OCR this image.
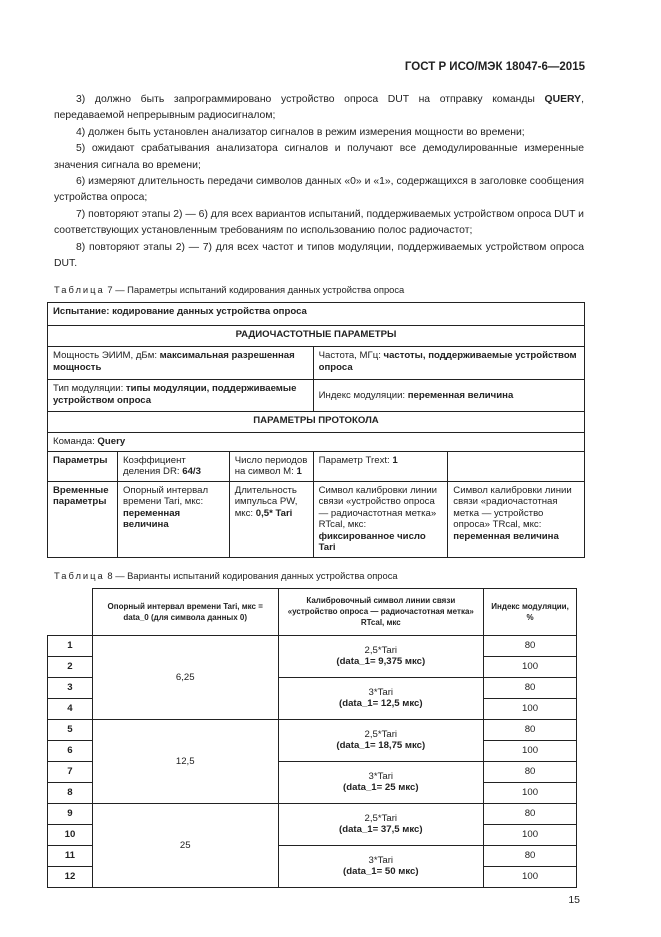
ГОСТ Р ИСО/МЭК 18047-6—2015

3) должно быть запрограммировано устройство опроса DUT на отправку команды QUERY, передаваемой непрерывным радиосигналом;

4) должен быть установлен анализатор сигналов в режим измерения мощности во времени;

5) ожидают срабатывания анализатора сигналов и получают все демодулированные измеренные значения сигнала во времени;

6) измеряют длительность передачи символов данных «0» и «1», содержащихся в заголовке сообщения устройства опроса;

7) повторяют этапы 2) — 6) для всех вариантов испытаний, поддерживаемых устройством опроса DUT и соответствующих установленным требованиям по использованию полос радиочастот;

8) повторяют этапы 2) — 7) для всех частот и типов модуляции, поддерживаемых устройством опроса DUT.

Таблица 7 — Параметры испытаний кодирования данных устройства опроса
Испытание: кодирование данных устройства опроса				
РАДИОЧАСТОТНЫЕ ПАРАМЕТРЫ				
Мощность ЭИИМ, дБм: максимальная разрешенная мощность			Частота, МГц: частоты, поддерживаемые устройством опроса	
Тип модуляции: типы модуляции, поддерживаемые устройством опроса			Индекс модуляции: переменная величина	
ПАРАМЕТРЫ ПРОТОКОЛА				
Команда: Query				
Параметры	Коэффициент деления DR: 64/3	Число периодов на символ M: 1	Параметр Trext: 1	
Временные параметры	Опорный интервал времени Tari, мкс: переменная величина	Длительность импульса PW, мкс: 0,5* Tari	Символ калибровки линии связи «устройство опроса — радиочастотная метка» RTcal, мкс: фиксированное число Tari	Символ калибровки линии связи «радиочастотная метка — устройство опроса» TRcal, мкс: переменная величина
Таблица 8 — Варианты испытаний кодирования данных устройства опроса
	Опорный интервал времени Tari, мкс = data_0 (для символа данных 0)	Калибровочный символ линии связи «устройство опроса — радиочастотная метка» RTcal, мкс	Индекс модуляции, %
1	6,25	2,5*Tari
(data_1= 9,375 мкс)	80
2			100
3		3*Tari
(data_1= 12,5 мкс)	80
4			100
5	12,5	2,5*Tari
(data_1= 18,75 мкс)	80
6			100
7		3*Tari
(data_1= 25 мкс)	80
8			100
9	25	2,5*Tari
(data_1= 37,5 мкс)	80
10			100
11		3*Tari
(data_1= 50 мкс)	80
12			100
15
